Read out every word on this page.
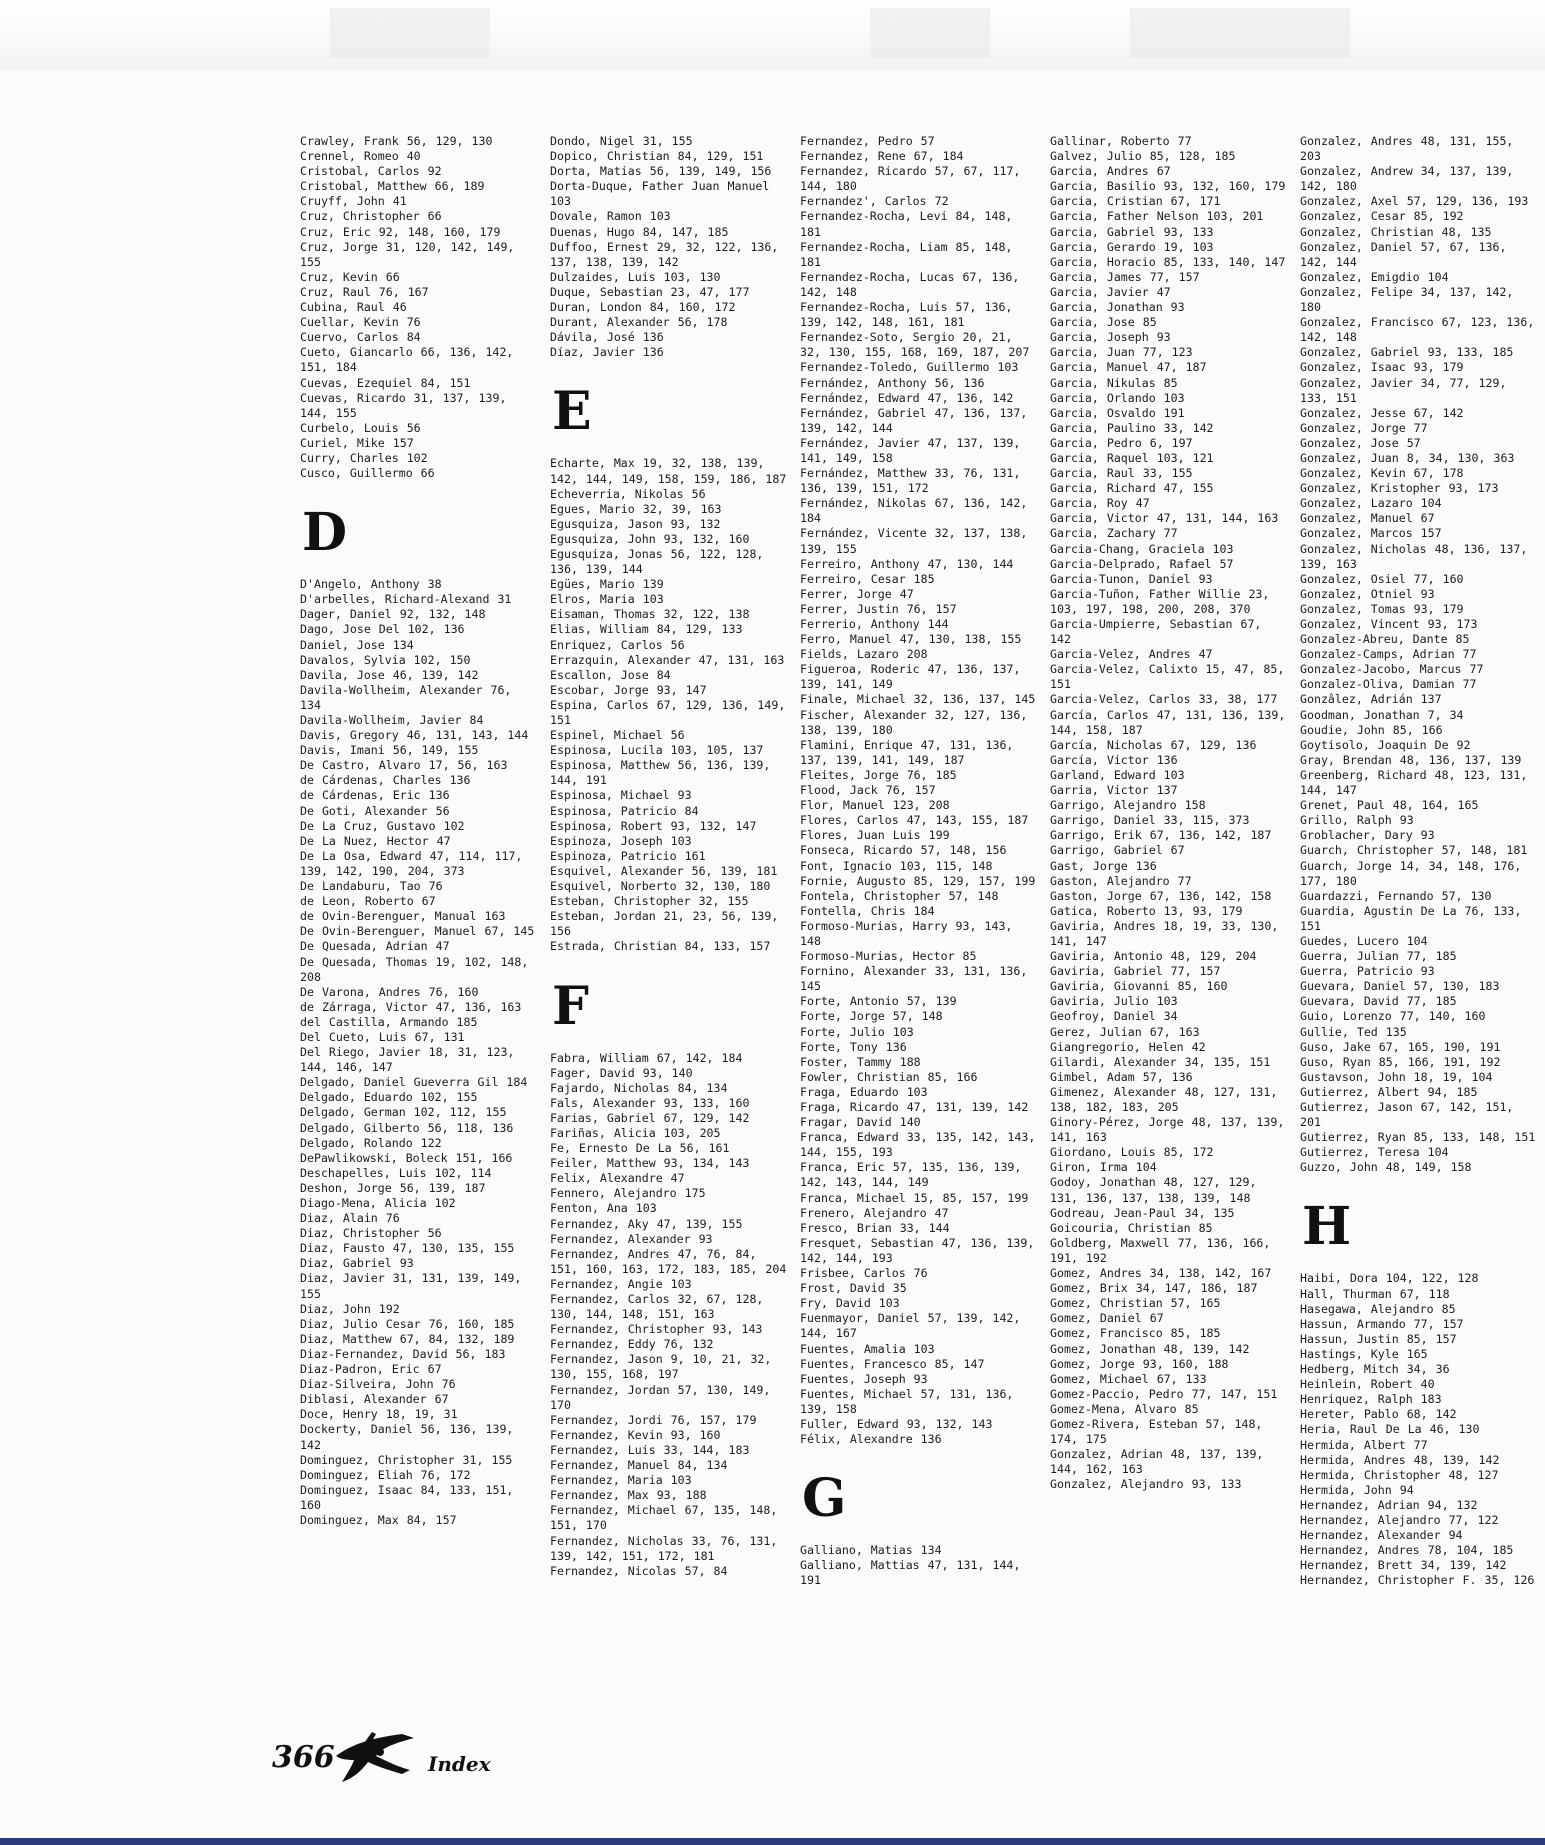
Crawley, Frank 56, 129, 130

Crennel, Romeo 40

Cristobal, Carlos 92

Cristobal, Matthew 66, 189

Cruyff, John 41

Cruz, Christopher 66

Cruz, Eric 92, 148, 160, 179

Cruz, Jorge 31, 120, 142, 149, 155

Cruz, Kevin 66

Cruz, Raul 76, 167

Cubina, Raul 46

Cuellar, Kevin 76

Cuervo, Carlos 84

Cueto, Giancarlo 66, 136, 142, 151, 184

Cuevas, Ezequiel 84, 151

Cuevas, Ricardo 31, 137, 139, 144, 155

Curbelo, Louis 56

Curiel, Mike 157

Curry, Charles 102

Cusco, Guillermo 66

D

D'Angelo, Anthony 38

D'arbelles, Richard-Alexand 31

Dager, Daniel 92, 132, 148

Dago, Jose Del 102, 136

Daniel, Jose 134

Davalos, Sylvia 102, 150

Davila, Jose 46, 139, 142

Davila-Wollheim, Alexander 76, 134

Davila-Wollheim, Javier 84

Davis, Gregory 46, 131, 143, 144

Davis, Imani 56, 149, 155

De Castro, Alvaro 17, 56, 163

de Cárdenas, Charles 136

de Cárdenas, Eric 136

De Goti, Alexander 56

De La Cruz, Gustavo 102

De La Nuez, Hector 47

De La Osa, Edward 47, 114, 117, 139, 142, 190, 204, 373

De Landaburu, Tao 76

de Leon, Roberto 67

de Ovin-Berenguer, Manual 163

De Ovin-Berenguer, Manuel 67, 145

De Quesada, Adrian 47

De Quesada, Thomas 19, 102, 148, 208

De Varona, Andres 76, 160

de Zárraga, Victor 47, 136, 163

del Castilla, Armando 185

Del Cueto, Luis 67, 131

Del Riego, Javier 18, 31, 123, 144, 146, 147

Delgado, Daniel Gueverra Gil 184

Delgado, Eduardo 102, 155

Delgado, German 102, 112, 155

Delgado, Gilberto 56, 118, 136

Delgado, Rolando 122

DePawlikowski, Boleck 151, 166

Deschapelles, Luis 102, 114

Deshon, Jorge 56, 139, 187

Diago-Mena, Alicia 102

Diaz, Alain 76

Diaz, Christopher 56

Diaz, Fausto 47, 130, 135, 155

Diaz, Gabriel 93

Diaz, Javier 31, 131, 139, 149, 155

Diaz, John 192

Diaz, Julio Cesar 76, 160, 185

Diaz, Matthew 67, 84, 132, 189

Diaz-Fernandez, David 56, 183

Diaz-Padron, Eric 67

Diaz-Silveira, John 76

Diblasi, Alexander 67

Doce, Henry 18, 19, 31

Dockerty, Daniel 56, 136, 139, 142

Dominguez, Christopher 31, 155

Dominguez, Eliah 76, 172

Dominguez, Isaac 84, 133, 151, 160

Dominguez, Max 84, 157

Dondo, Nigel 31, 155

Dopico, Christian 84, 129, 151

Dorta, Matias 56, 139, 149, 156

Dorta-Duque, Father Juan Manuel 103

Dovale, Ramon 103

Duenas, Hugo 84, 147, 185

Duffoo, Ernest 29, 32, 122, 136, 137, 138, 139, 142

Dulzaides, Luis 103, 130

Duque, Sebastian 23, 47, 177

Duran, London 84, 160, 172

Durant, Alexander 56, 178

Dávila, José 136

Díaz, Javier 136

E

Echarte, Max 19, 32, 138, 139, 142, 144, 149, 158, 159, 186, 187

Echeverria, Nikolas 56

Egues, Mario 32, 39, 163

Egusquiza, Jason 93, 132

Egusquiza, John 93, 132, 160

Egusquiza, Jonas 56, 122, 128, 136, 139, 144

Egües, Mario 139

Elros, Maria 103

Eisaman, Thomas 32, 122, 138

Elias, William 84, 129, 133

Enriquez, Carlos 56

Errazquin, Alexander 47, 131, 163

Escallon, Jose 84

Escobar, Jorge 93, 147

Espina, Carlos 67, 129, 136, 149, 151

Espinel, Michael 56

Espinosa, Lucila 103, 105, 137

Espinosa, Matthew 56, 136, 139, 144, 191

Espinosa, Michael 93

Espinosa, Patricio 84

Espinosa, Robert 93, 132, 147

Espinoza, Joseph 103

Espinoza, Patricio 161

Esquivel, Alexander 56, 139, 181

Esquivel, Norberto 32, 130, 180

Esteban, Christopher 32, 155

Esteban, Jordan 21, 23, 56, 139, 156

Estrada, Christian 84, 133, 157

F

Fabra, William 67, 142, 184

Fager, David 93, 140

Fajardo, Nicholas 84, 134

Fals, Alexander 93, 133, 160

Farias, Gabriel 67, 129, 142

Fariñas, Alicia 103, 205

Fe, Ernesto De La 56, 161

Feiler, Matthew 93, 134, 143

Felix, Alexandre 47

Fennero, Alejandro 175

Fenton, Ana 103

Fernandez, Aky 47, 139, 155

Fernandez, Alexander 93

Fernandez, Andres 47, 76, 84, 151, 160, 163, 172, 183, 185, 204

Fernandez, Angie 103

Fernandez, Carlos 32, 67, 128, 130, 144, 148, 151, 163

Fernandez, Christopher 93, 143

Fernandez, Eddy 76, 132

Fernandez, Jason 9, 10, 21, 32, 130, 155, 168, 197

Fernandez, Jordan 57, 130, 149, 170

Fernandez, Jordi 76, 157, 179

Fernandez, Kevin 93, 160

Fernandez, Luis 33, 144, 183

Fernandez, Manuel 84, 134

Fernandez, Maria 103

Fernandez, Max 93, 188

Fernandez, Michael 67, 135, 148, 151, 170

Fernandez, Nicholas 33, 76, 131, 139, 142, 151, 172, 181

Fernandez, Nicolas 57, 84

Fernandez, Pedro 57

Fernandez, Rene 67, 184

Fernandez, Ricardo 57, 67, 117, 144, 180

Fernandez', Carlos 72

Fernandez-Rocha, Levi 84, 148, 181

Fernandez-Rocha, Liam 85, 148, 181

Fernandez-Rocha, Lucas 67, 136, 142, 148

Fernandez-Rocha, Luis 57, 136, 139, 142, 148, 161, 181

Fernandez-Soto, Sergio 20, 21, 32, 130, 155, 168, 169, 187, 207

Fernandez-Toledo, Guillermo 103

Fernández, Anthony 56, 136

Fernández, Edward 47, 136, 142

Fernández, Gabriel 47, 136, 137, 139, 142, 144

Fernández, Javier 47, 137, 139, 141, 149, 158

Fernández, Matthew 33, 76, 131, 136, 139, 151, 172

Fernández, Nikolas 67, 136, 142, 184

Fernández, Vicente 32, 137, 138, 139, 155

Ferreiro, Anthony 47, 130, 144

Ferreiro, Cesar 185

Ferrer, Jorge 47

Ferrer, Justin 76, 157

Ferrerio, Anthony 144

Ferro, Manuel 47, 130, 138, 155

Fields, Lazaro 208

Figueroa, Roderic 47, 136, 137, 139, 141, 149

Finale, Michael 32, 136, 137, 145

Fischer, Alexander 32, 127, 136, 138, 139, 180

Flamini, Enrique 47, 131, 136, 137, 139, 141, 149, 187

Fleites, Jorge 76, 185

Flood, Jack 76, 157

Flor, Manuel 123, 208

Flores, Carlos 47, 143, 155, 187

Flores, Juan Luis 199

Fonseca, Ricardo 57, 148, 156

Font, Ignacio 103, 115, 148

Fornie, Augusto 85, 129, 157, 199

Fontela, Christopher 57, 148

Fontella, Chris 184

Formoso-Murias, Harry 93, 143, 148

Formoso-Murias, Hector 85

Fornino, Alexander 33, 131, 136, 145

Forte, Antonio 57, 139

Forte, Jorge 57, 148

Forte, Julio 103

Forte, Tony 136

Foster, Tammy 188

Fowler, Christian 85, 166

Fraga, Eduardo 103

Fraga, Ricardo 47, 131, 139, 142

Fragar, David 140

Franca, Edward 33, 135, 142, 143, 144, 155, 193

Franca, Eric 57, 135, 136, 139, 142, 143, 144, 149

Franca, Michael 15, 85, 157, 199

Frenero, Alejandro 47

Fresco, Brian 33, 144

Fresquet, Sebastian 47, 136, 139, 142, 144, 193

Frisbee, Carlos 76

Frost, David 35

Fry, David 103

Fuenmayor, Daniel 57, 139, 142, 144, 167

Fuentes, Amalia 103

Fuentes, Francesco 85, 147

Fuentes, Joseph 93

Fuentes, Michael 57, 131, 136, 139, 158

Fuller, Edward 93, 132, 143

Félix, Alexandre 136

G

Galliano, Matias 134

Galliano, Mattias 47, 131, 144, 191

Gallinar, Roberto 77

Galvez, Julio 85, 128, 185

Garcia, Andres 67

Garcia, Basilio 93, 132, 160, 179

Garcia, Cristian 67, 171

Garcia, Father Nelson 103, 201

Garcia, Gabriel 93, 133

Garcia, Gerardo 19, 103

Garcia, Horacio 85, 133, 140, 147

Garcia, James 77, 157

Garcia, Javier 47

Garcia, Jonathan 93

Garcia, Jose 85

Garcia, Joseph 93

Garcia, Juan 77, 123

Garcia, Manuel 47, 187

Garcia, Nikulas 85

Garcia, Orlando 103

Garcia, Osvaldo 191

Garcia, Paulino 33, 142

Garcia, Pedro 6, 197

Garcia, Raquel 103, 121

Garcia, Raul 33, 155

Garcia, Richard 47, 155

Garcia, Roy 47

Garcia, Victor 47, 131, 144, 163

Garcia, Zachary 77

Garcia-Chang, Graciela 103

Garcia-Delprado, Rafael 57

Garcia-Tunon, Daniel 93

Garcia-Tuñon, Father Willie 23, 103, 197, 198, 200, 208, 370

Garcia-Umpierre, Sebastian 67, 142

Garcia-Velez, Andres 47

Garcia-Velez, Calixto 15, 47, 85, 151

Garcia-Velez, Carlos 33, 38, 177

García, Carlos 47, 131, 136, 139, 144, 158, 187

García, Nicholas 67, 129, 136

García, Victor 136

Garland, Edward 103

Garria, Victor 137

Garrigo, Alejandro 158

Garrigo, Daniel 33, 115, 373

Garrigo, Erik 67, 136, 142, 187

Garrigo, Gabriel 67

Gast, Jorge 136

Gaston, Alejandro 77

Gaston, Jorge 67, 136, 142, 158

Gatica, Roberto 13, 93, 179

Gaviria, Andres 18, 19, 33, 130, 141, 147

Gaviria, Antonio 48, 129, 204

Gaviria, Gabriel 77, 157

Gaviria, Giovanni 85, 160

Gaviria, Julio 103

Geofroy, Daniel 34

Gerez, Julian 67, 163

Giangregorio, Helen 42

Gilardi, Alexander 34, 135, 151

Gimbel, Adam 57, 136

Gimenez, Alexander 48, 127, 131, 138, 182, 183, 205

Ginory-Pérez, Jorge 48, 137, 139, 141, 163

Giordano, Louis 85, 172

Giron, Irma 104

Godoy, Jonathan 48, 127, 129, 131, 136, 137, 138, 139, 148

Godreau, Jean-Paul 34, 135

Goicouria, Christian 85

Goldberg, Maxwell 77, 136, 166, 191, 192

Gomez, Andres 34, 138, 142, 167

Gomez, Brix 34, 147, 186, 187

Gomez, Christian 57, 165

Gomez, Daniel 67

Gomez, Francisco 85, 185

Gomez, Jonathan 48, 139, 142

Gomez, Jorge 93, 160, 188

Gomez, Michael 67, 133

Gomez-Paccio, Pedro 77, 147, 151

Gomez-Mena, Alvaro 85

Gomez-Rivera, Esteban 57, 148, 174, 175

Gonzalez, Adrian 48, 137, 139, 144, 162, 163

Gonzalez, Alejandro 93, 133

Gonzalez, Andres 48, 131, 155, 203

Gonzalez, Andrew 34, 137, 139, 142, 180

Gonzalez, Axel 57, 129, 136, 193

Gonzalez, Cesar 85, 192

Gonzalez, Christian 48, 135

Gonzalez, Daniel 57, 67, 136, 142, 144

Gonzalez, Emigdio 104

Gonzalez, Felipe 34, 137, 142, 180

Gonzalez, Francisco 67, 123, 136, 142, 148

Gonzalez, Gabriel 93, 133, 185

Gonzalez, Isaac 93, 179

Gonzalez, Javier 34, 77, 129, 133, 151

Gonzalez, Jesse 67, 142

Gonzalez, Jorge 77

Gonzalez, Jose 57

Gonzalez, Juan 8, 34, 130, 363

Gonzalez, Kevin 67, 178

Gonzalez, Kristopher 93, 173

Gonzalez, Lazaro 104

Gonzalez, Manuel 67

Gonzalez, Marcos 157

Gonzalez, Nicholas 48, 136, 137, 139, 163

Gonzalez, Osiel 77, 160

Gonzalez, Otniel 93

Gonzalez, Tomas 93, 179

Gonzalez, Vincent 93, 173

Gonzalez-Abreu, Dante 85

Gonzalez-Camps, Adrian 77

Gonzalez-Jacobo, Marcus 77

Gonzalez-Oliva, Damian 77

Gonzâlez, Adrián 137

Goodman, Jonathan 7, 34

Goudie, John 85, 166

Goytisolo, Joaquin De 92

Gray, Brendan 48, 136, 137, 139

Greenberg, Richard 48, 123, 131, 144, 147

Grenet, Paul 48, 164, 165

Grillo, Ralph 93

Groblacher, Dary 93

Guarch, Christopher 57, 148, 181

Guarch, Jorge 14, 34, 148, 176, 177, 180

Guardazzi, Fernando 57, 130

Guardia, Agustin De La 76, 133, 151

Guedes, Lucero 104

Guerra, Julian 77, 185

Guerra, Patricio 93

Guevara, Daniel 57, 130, 183

Guevara, David 77, 185

Guio, Lorenzo 77, 140, 160

Gullie, Ted 135

Guso, Jake 67, 165, 190, 191

Guso, Ryan 85, 166, 191, 192

Gustavson, John 18, 19, 104

Gutierrez, Albert 94, 185

Gutierrez, Jason 67, 142, 151, 201

Gutierrez, Ryan 85, 133, 148, 151

Gutierrez, Teresa 104

Guzzo, John 48, 149, 158

H

Haibi, Dora 104, 122, 128

Hall, Thurman 67, 118

Hasegawa, Alejandro 85

Hassun, Armando 77, 157

Hassun, Justin 85, 157

Hastings, Kyle 165

Hedberg, Mitch 34, 36

Heinlein, Robert 40

Henriquez, Ralph 183

Hereter, Pablo 68, 142

Heria, Raul De La 46, 130

Hermida, Albert 77

Hermida, Andres 48, 139, 142

Hermida, Christopher 48, 127

Hermida, John 94

Hernandez, Adrian 94, 132

Hernandez, Alejandro 77, 122

Hernandez, Alexander 94

Hernandez, Andres 78, 104, 185

Hernandez, Brett 34, 139, 142

Hernandez, Christopher F. 35, 126

366	Index
